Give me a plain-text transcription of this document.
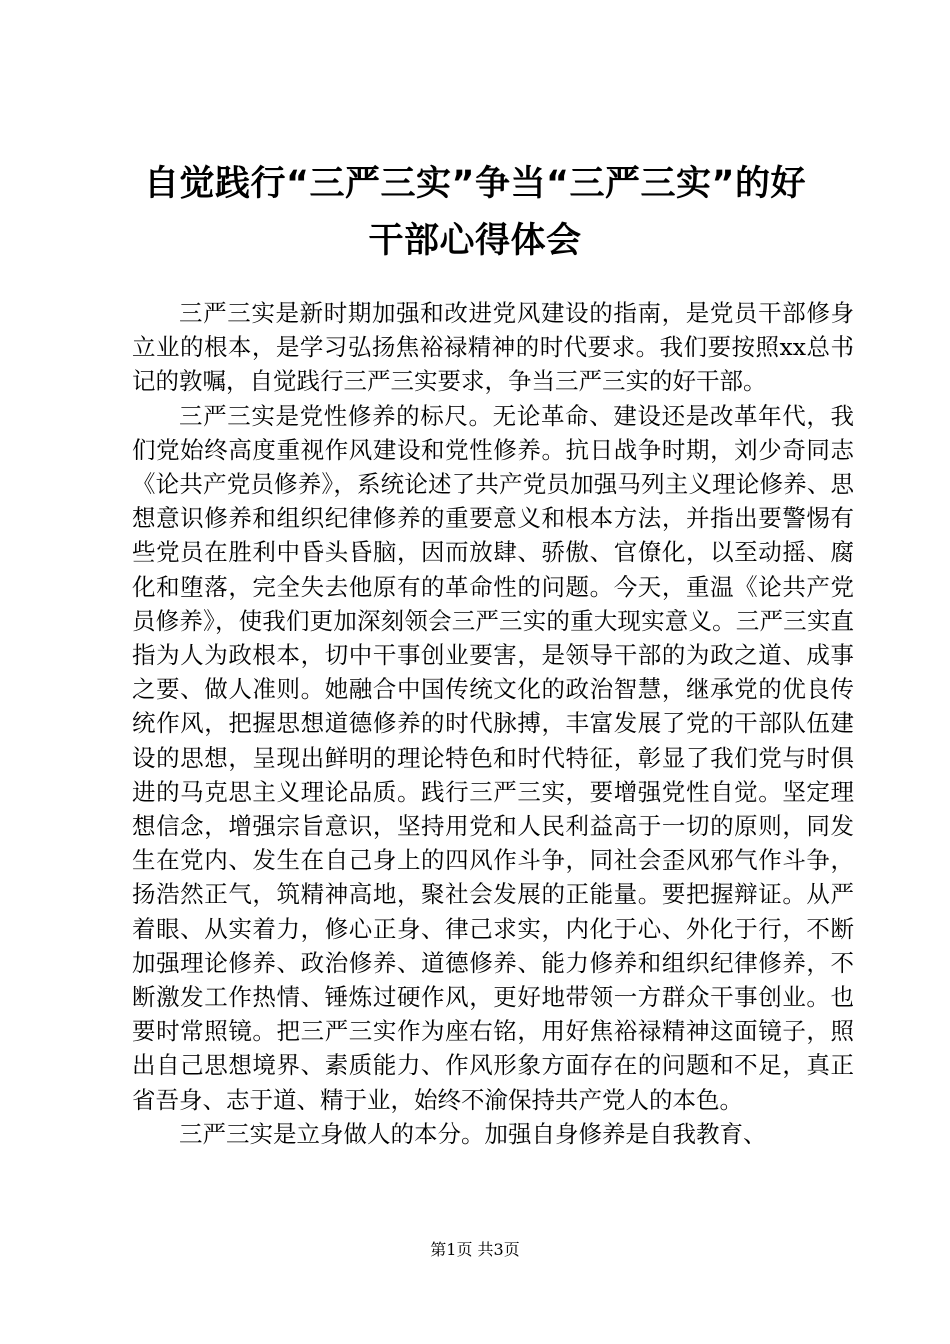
自觉践行“三严三实”争当“三严三实”的好
干部心得体会

三严三实是新时期加强和改进党风建设的指南，是党员干部修身立业的根本，是学习弘扬焦裕禄精神的时代要求。我们要按照xx总书记的敦嘱，自觉践行三严三实要求，争当三严三实的好干部。

三严三实是党性修养的标尺。无论革命、建设还是改革年代，我们党始终高度重视作风建设和党性修养。抗日战争时期，刘少奇同志《论共产党员修养》，系统论述了共产党员加强马列主义理论修养、思想意识修养和组织纪律修养的重要意义和根本方法，并指出要警惕有些党员在胜利中昏头昏脑，因而放肆、骄傲、官僚化，以至动摇、腐化和堕落，完全失去他原有的革命性的问题。今天，重温《论共产党员修养》，使我们更加深刻领会三严三实的重大现实意义。三严三实直指为人为政根本，切中干事创业要害，是领导干部的为政之道、成事之要、做人准则。她融合中国传统文化的政治智慧，继承党的优良传统作风，把握思想道德修养的时代脉搏，丰富发展了党的干部队伍建设的思想，呈现出鲜明的理论特色和时代特征，彰显了我们党与时俱进的马克思主义理论品质。践行三严三实，要增强党性自觉。坚定理想信念，增强宗旨意识，坚持用党和人民利益高于一切的原则，同发生在党内、发生在自己身上的四风作斗争，同社会歪风邪气作斗争，扬浩然正气，筑精神高地，聚社会发展的正能量。要把握辩证。从严着眼、从实着力，修心正身、律己求实，内化于心、外化于行，不断加强理论修养、政治修养、道德修养、能力修养和组织纪律修养，不断激发工作热情、锤炼过硬作风，更好地带领一方群众干事创业。也要时常照镜。把三严三实作为座右铭，用好焦裕禄精神这面镜子，照出自己思想境界、素质能力、作风形象方面存在的问题和不足，真正省吾身、志于道、精于业，始终不渝保持共产党人的本色。

三严三实是立身做人的本分。加强自身修养是自我教育、

第1页 共3页
